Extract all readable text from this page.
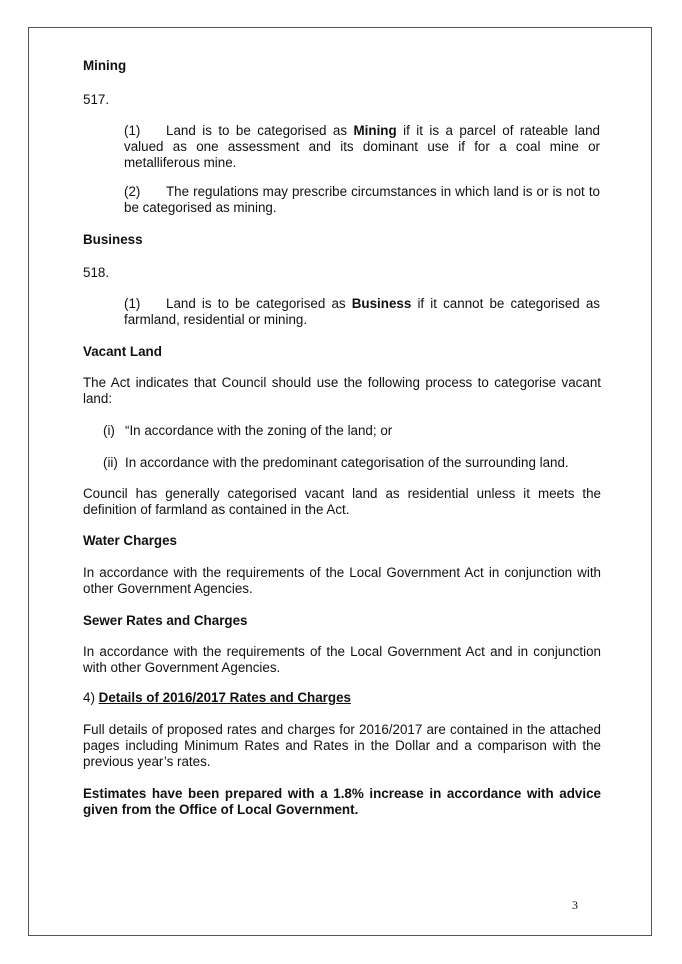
Mining
517.
(1) Land is to be categorised as Mining if it is a parcel of rateable land valued as one assessment and its dominant use if for a coal mine or metalliferous mine.
(2) The regulations may prescribe circumstances in which land is or is not to be categorised as mining.
Business
518.
(1) Land is to be categorised as Business if it cannot be categorised as farmland, residential or mining.
Vacant Land
The Act indicates that Council should use the following process to categorise vacant land:
(i) “In accordance with the zoning of the land; or
(ii) In accordance with the predominant categorisation of the surrounding land.
Council has generally categorised vacant land as residential unless it meets the definition of farmland as contained in the Act.
Water Charges
In accordance with the requirements of the Local Government Act in conjunction with other Government Agencies.
Sewer Rates and Charges
In accordance with the requirements of the Local Government Act and in conjunction with other Government Agencies.
4) Details of 2016/2017 Rates and Charges
Full details of proposed rates and charges for 2016/2017 are contained in the attached pages including Minimum Rates and Rates in the Dollar and a comparison with the previous year’s rates.
Estimates have been prepared with a 1.8% increase in accordance with advice given from the Office of Local Government.
3
